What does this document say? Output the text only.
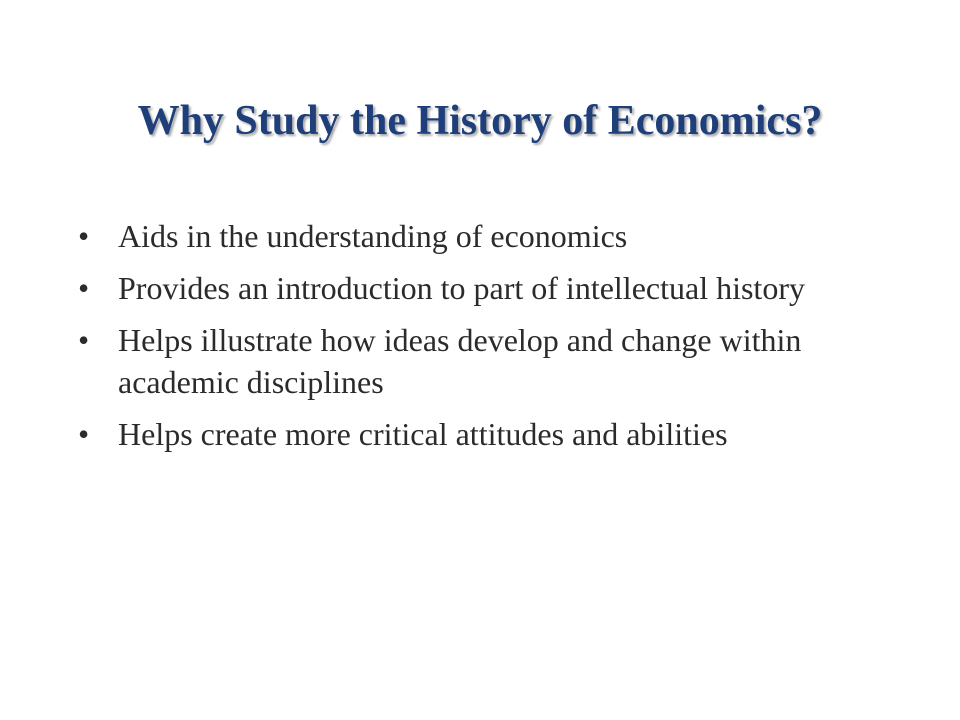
Why Study the History of Economics?
• Aids in the understanding of economics
• Provides an introduction to part of intellectual history
• Helps illustrate how ideas develop and change within academic disciplines
• Helps create more critical attitudes and abilities
